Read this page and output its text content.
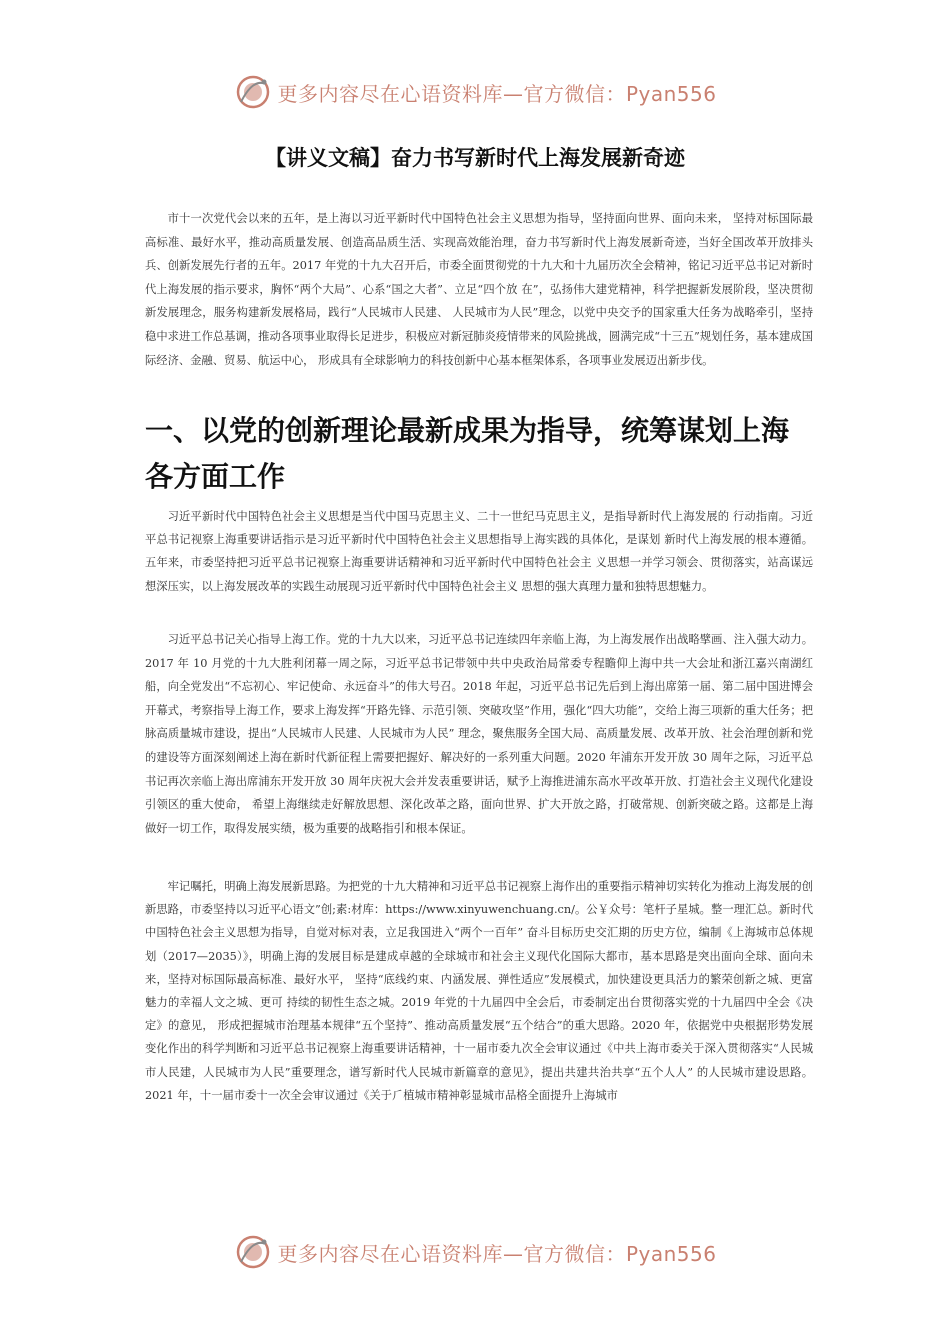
更多内容尽在心语资料库—官方微信：Pyan556
【讲义文稿】奋力书写新时代上海发展新奇迹

市十一次党代会以来的五年，是上海以习近平新时代中国特色社会主义思想为指导，坚持面向世界、面向未来， 坚持对标国际最高标准、最好水平，推动高质量发展、创造高品质生活、实现高效能治理，奋力书写新时代上海发展新奇迹，当好全国改革开放排头兵、创新发展先行者的五年。2017 年党的十九大召开后，市委全面贯彻党的十九大和十九届历次全会精神，铭记习近平总书记对新时代上海发展的指示要求，胸怀“两个大局”、心系“国之大者”、立足“四个放 在”，弘扬伟大建党精神，科学把握新发展阶段，坚决贯彻新发展理念，服务构建新发展格局，践行“人民城市人民建、 人民城市为人民”理念，以党中央交予的国家重大任务为战略牵引，坚持稳中求进工作总基调，推动各项事业取得长足进步，积极应对新冠肺炎疫情带来的风险挑战，圆满完成“十三五”规划任务，基本建成国际经济、金融、贸易、航运中心， 形成具有全球影响力的科技创新中心基本框架体系，各项事业发展迈出新步伐。

一、以党的创新理论最新成果为指导，统筹谋划上海各方面工作

习近平新时代中国特色社会主义思想是当代中国马克思主义、二十一世纪马克思主义，是指导新时代上海发展的 行动指南。习近平总书记视察上海重要讲话指示是习近平新时代中国特色社会主义思想指导上海实践的具体化，是谋划 新时代上海发展的根本遵循。五年来，市委坚持把习近平总书记视察上海重要讲话精神和习近平新时代中国特色社会主 义思想一并学习领会、贯彻落实，站高谋远想深压实，以上海发展改革的实践生动展现习近平新时代中国特色社会主义 思想的强大真理力量和独特思想魅力。

习近平总书记关心指导上海工作。党的十九大以来，习近平总书记连续四年亲临上海，为上海发展作出战略擘画、注入强大动力。2017 年 10 月党的十九大胜利闭幕一周之际，习近平总书记带领中共中央政治局常委专程瞻仰上海中共一大会址和浙江嘉兴南湖红船，向全党发出“不忘初心、牢记使命、永远奋斗”的伟大号召。2018 年起，习近平总书记先后到上海出席第一届、第二届中国进博会开幕式，考察指导上海工作，要求上海发挥“开路先锋、示范引领、突破攻坚”作用，强化“四大功能”，交给上海三项新的重大任务；把脉高质量城市建设，提出“人民城市人民建、人民城市为人民” 理念，聚焦服务全国大局、高质量发展、改革开放、社会治理创新和党的建设等方面深刻阐述上海在新时代新征程上需要把握好、解决好的一系列重大问题。2020 年浦东开发开放 30 周年之际，习近平总书记再次亲临上海出席浦东开发开放 30 周年庆祝大会并发表重要讲话，赋予上海推进浦东高水平改革开放、打造社会主义现代化建设引领区的重大使命， 希望上海继续走好解放思想、深化改革之路，面向世界、扩大开放之路，打破常规、创新突破之路。这都是上海做好一切工作，取得发展实绩，极为重要的战略指引和根本保证。

牢记嘱托，明确上海发展新思路。为把党的十九大精神和习近平总书记视察上海作出的重要指示精神切实转化为推动上海发展的创新思路，市委坚持以习近平心语文”创;素:材库：https://www.xinyuwenchuang.cn/。公￥众号：笔杆子星城。整一理汇总。新时代中国特色社会主义思想为指导，自觉对标对表，立足我国进入“两个一百年” 奋斗目标历史交汇期的历史方位，编制《上海城市总体规划（2017—2035）》，明确上海的发展目标是建成卓越的全球城市和社会主义现代化国际大都市，基本思路是突出面向全球、面向未来，坚持对标国际最高标准、最好水平， 坚持“底线约束、内涵发展、弹性适应”发展模式，加快建设更具活力的繁荣创新之城、更富魅力的幸福人文之城、更可 持续的韧性生态之城。2019 年党的十九届四中全会后，市委制定出台贯彻落实党的十九届四中全会《决定》的意见， 形成把握城市治理基本规律“五个坚持”、推动高质量发展“五个结合”的重大思路。2020 年，依据党中央根据形势发展变化作出的科学判断和习近平总书记视察上海重要讲话精神，十一届市委九次全会审议通过《中共上海市委关于深入贯彻落实“人民城市人民建，人民城市为人民”重要理念，谱写新时代人民城市新篇章的意见》，提出共建共治共享“五个人人” 的人民城市建设思路。2021 年，十一届市委十一次全会审议通过《关于⺁植城市精神彰显城市品格全面提升上海城市

更多内容尽在心语资料库—官方微信：Pyan556
